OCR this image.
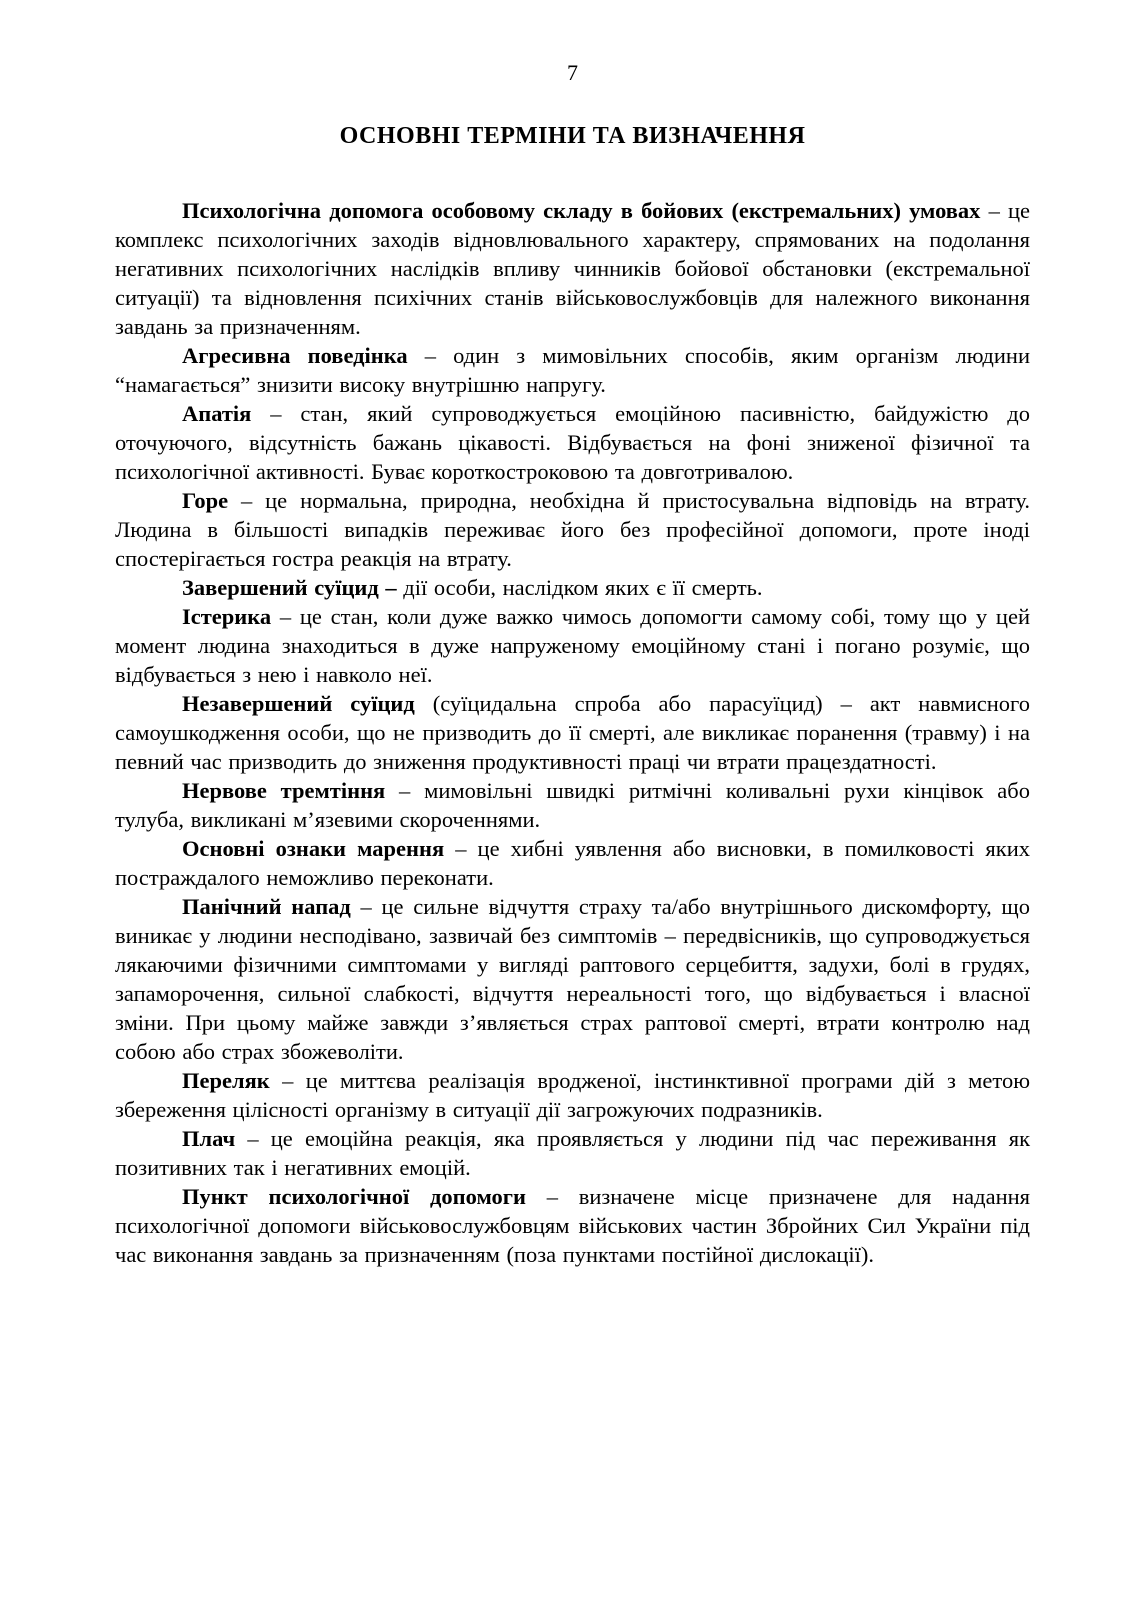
7
ОСНОВНІ ТЕРМІНИ ТА ВИЗНАЧЕННЯ

Психологічна допомога особовому складу в бойових (екстремальних) умовах – це комплекс психологічних заходів відновлювального характеру, спрямованих на подолання негативних психологічних наслідків впливу чинників бойової обстановки (екстремальної ситуації) та відновлення психічних станів військовослужбовців для належного виконання завдань за призначенням.

Агресивна поведінка – один з мимовільних способів, яким організм людини “намагається” знизити високу внутрішню напругу.

Апатія – стан, який супроводжується емоційною пасивністю, байдужістю до оточуючого, відсутність бажань цікавості. Відбувається на фоні зниженої фізичної та психологічної активності. Буває короткостроковою та довготривалою.

Горе – це нормальна, природна, необхідна й пристосувальна відповідь на втрату. Людина в більшості випадків переживає його без професійної допомоги, проте іноді спостерігається гостра реакція на втрату.

Завершений суїцид – дії особи, наслідком яких є її смерть.

Істерика – це стан, коли дуже важко чимось допомогти самому собі, тому що у цей момент людина знаходиться в дуже напруженому емоційному стані і погано розуміє, що відбувається з нею і навколо неї.

Незавершений суїцид (суїцидальна спроба або парасуїцид) – акт навмисного самоушкодження особи, що не призводить до її смерті, але викликає поранення (травму) і на певний час призводить до зниження продуктивності праці чи втрати працездатності.

Нервове тремтіння – мимовільні швидкі ритмічні коливальні рухи кінцівок або тулуба, викликані м’язевими скороченнями.

Основні ознаки марення – це хибні уявлення або висновки, в помилковості яких постраждалого неможливо переконати.

Панічний напад – це сильне відчуття страху та/або внутрішнього дискомфорту, що виникає у людини несподівано, зазвичай без симптомів – передвісників, що супроводжується лякаючими фізичними симптомами у вигляді раптового серцебиття, задухи, болі в грудях, запаморочення, сильної слабкості, відчуття нереальності того, що відбувається і власної зміни. При цьому майже завжди з’являється страх раптової смерті, втрати контролю над собою або страх збожеволіти.

Переляк – це миттєва реалізація вродженої, інстинктивної програми дій з метою збереження цілісності організму в ситуації дії загрожуючих подразників.

Плач – це емоційна реакція, яка проявляється у людини під час переживання як позитивних так і негативних емоцій.

Пункт психологічної допомоги – визначене місце призначене для надання психологічної допомоги військовослужбовцям військових частин Збройних Сил України під час виконання завдань за призначенням (поза пунктами постійної дислокації).
